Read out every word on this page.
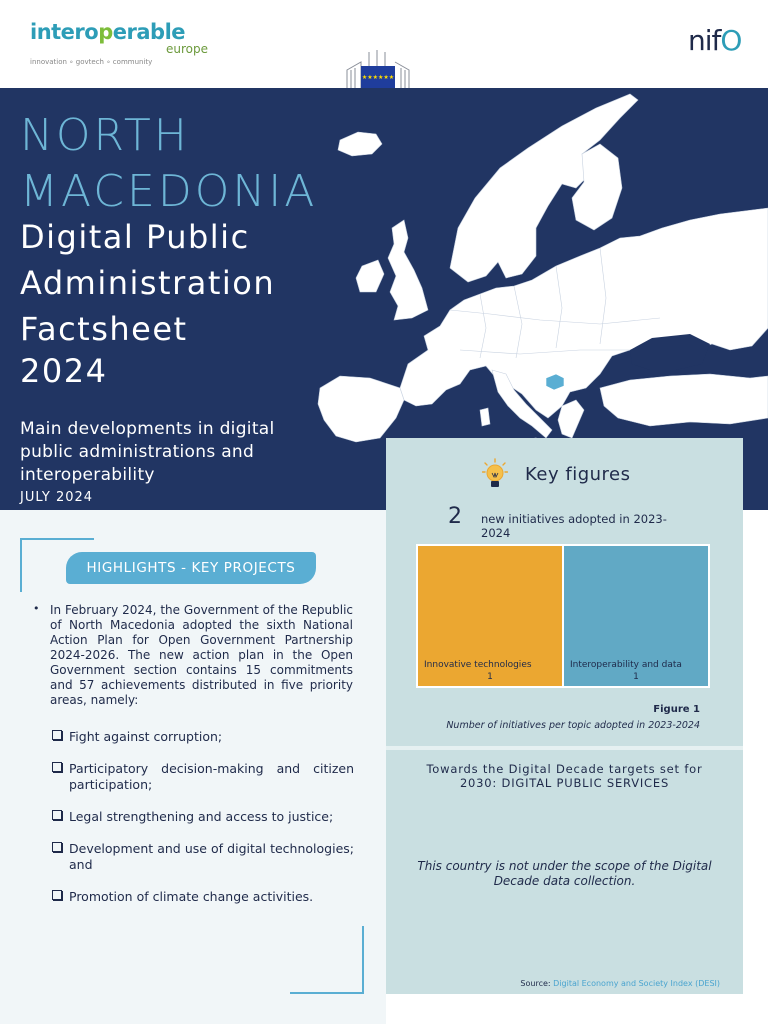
interoperable
europe
innovation ∘ govtech ∘ community
★★★★★★

nifO
NORTH
MACEDONIA
Digital Public
Administration
Factsheet
2024
Main developments in digital public administrations and interoperability
JULY 2024
HIGHLIGHTS - KEY PROJECTS
• In February 2024, the Government of the Republic of North Macedonia adopted the sixth National Action Plan for Open Government Partnership 2024-2026. The new action plan in the Open Government section contains 15 commitments and 57 achievements distributed in five priority areas, namely:
Fight against corruption;
Participatory decision-making and citizen participation;
Legal strengthening and access to justice;
Development and use of digital technologies; and
Promotion of climate change activities.
Key figures
2 new initiatives adopted in 2023-2024
Innovative technologies
1
Interoperability and data
1
Figure 1
Number of initiatives per topic adopted in 2023-2024
Towards the Digital Decade targets set for 2030: DIGITAL PUBLIC SERVICES
This country is not under the scope of the Digital Decade data collection.
Source: Digital Economy and Society Index (DESI)
